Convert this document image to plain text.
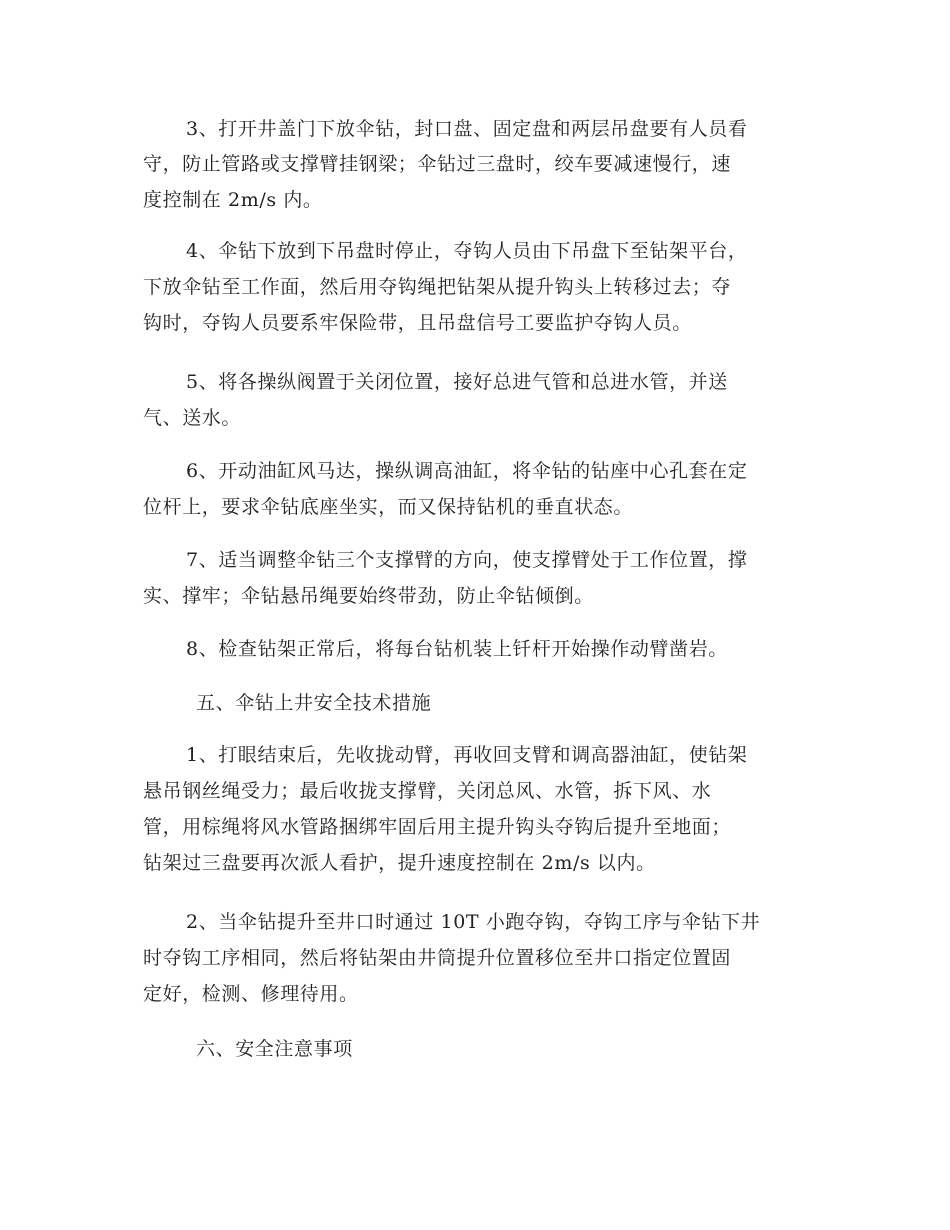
3、打开井盖门下放伞钻，封口盘、固定盘和两层吊盘要有人员看
守，防止管路或支撑臂挂钢梁；伞钻过三盘时，绞车要减速慢行，速
度控制在 2m/s 内。
4、伞钻下放到下吊盘时停止，夺钩人员由下吊盘下至钻架平台，
下放伞钻至工作面，然后用夺钩绳把钻架从提升钩头上转移过去；夺
钩时，夺钩人员要系牢保险带，且吊盘信号工要监护夺钩人员。
5、将各操纵阀置于关闭位置，接好总进气管和总进水管，并送
气、送水。
6、开动油缸风马达，操纵调高油缸，将伞钻的钻座中心孔套在定
位杆上，要求伞钻底座坐实，而又保持钻机的垂直状态。
7、适当调整伞钻三个支撑臂的方向，使支撑臂处于工作位置，撑
实、撑牢；伞钻悬吊绳要始终带劲，防止伞钻倾倒。
8、检查钻架正常后，将每台钻机装上钎杆开始操作动臂凿岩。
五、伞钻上井安全技术措施
1、打眼结束后，先收拢动臂，再收回支臂和调高器油缸，使钻架
悬吊钢丝绳受力；最后收拢支撑臂，关闭总风、水管，拆下风、水
管，用棕绳将风水管路捆绑牢固后用主提升钩头夺钩后提升至地面；
钻架过三盘要再次派人看护，提升速度控制在 2m/s 以内。
2、当伞钻提升至井口时通过 10T 小跑夺钩，夺钩工序与伞钻下井
时夺钩工序相同，然后将钻架由井筒提升位置移位至井口指定位置固
定好，检测、修理待用。
六、安全注意事项
